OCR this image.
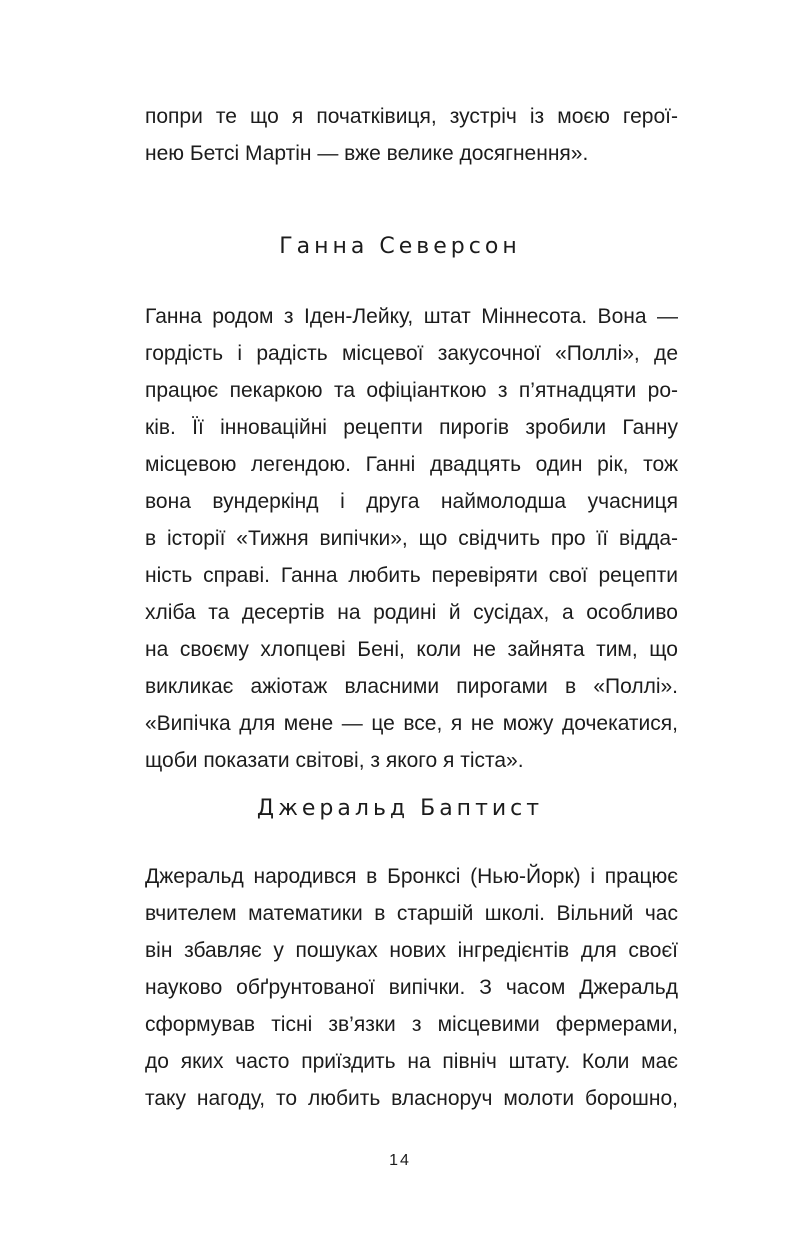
попри те що я початківиця, зустріч із моєю герої-
нею Бетсі Мартін — вже велике досягнення».
Ганна Северсон
Ганна родом з Іден-Лейку, штат Міннесота. Вона —
гордість і радість місцевої закусочної «Поллі», де
працює пекаркою та офіціанткою з п’ятнадцяти ро-
ків. Її інноваційні рецепти пирогів зробили Ганну
місцевою легендою. Ганні двадцять один рік, тож
вона вундеркінд і друга наймолодша учасниця
в історії «Тижня випічки», що свідчить про її відда-
ність справі. Ганна любить перевіряти свої рецепти
хліба та десертів на родині й сусідах, а особливо
на своєму хлопцеві Бені, коли не зайнята тим, що
викликає ажіотаж власними пирогами в «Поллі».
«Випічка для мене — це все, я не можу дочекатися,
щоби показати світові, з якого я тіста».
Джеральд Баптист
Джеральд народився в Бронксі (Нью-Йорк) і працює
вчителем математики в старшій школі. Вільний час
він збавляє у пошуках нових інгредієнтів для своєї
науково обґрунтованої випічки. З часом Джеральд
сформував тісні зв’язки з місцевими фермерами,
до яких часто приїздить на північ штату. Коли має
таку нагоду, то любить власноруч молоти борошно,
14
